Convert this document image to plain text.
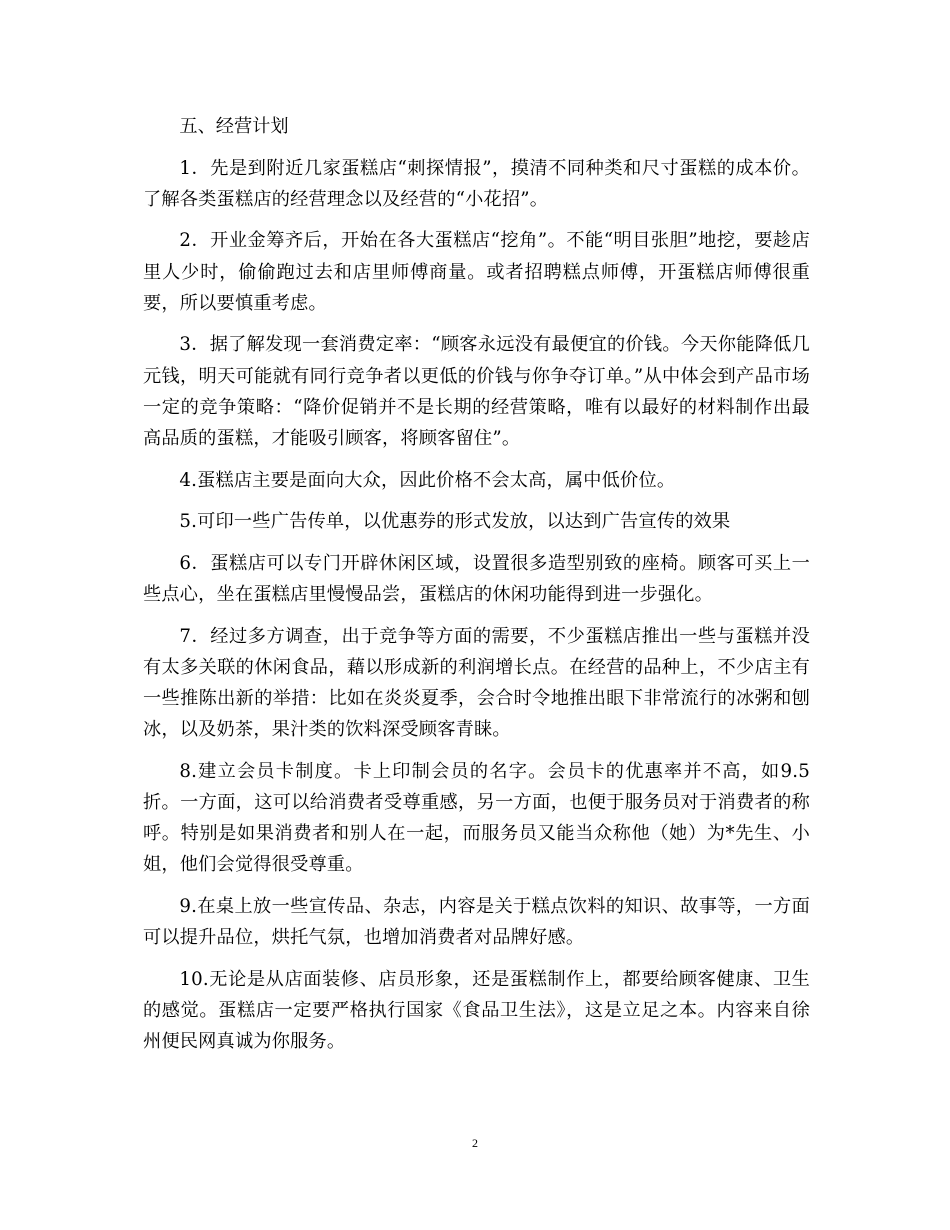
五、经营计划

1．先是到附近几家蛋糕店“刺探情报”，摸清不同种类和尺寸蛋糕的成本价。了解各类蛋糕店的经营理念以及经营的“小花招”。

2．开业金筹齐后，开始在各大蛋糕店“挖角”。不能“明目张胆”地挖，要趁店里人少时，偷偷跑过去和店里师傅商量。或者招聘糕点师傅，开蛋糕店师傅很重要，所以要慎重考虑。

3．据了解发现一套消费定率：“顾客永远没有最便宜的价钱。今天你能降低几元钱，明天可能就有同行竞争者以更低的价钱与你争夺订单。”从中体会到产品市场一定的竞争策略：“降价促销并不是长期的经营策略，唯有以最好的材料制作出最高品质的蛋糕，才能吸引顾客，将顾客留住”。

4.蛋糕店主要是面向大众，因此价格不会太高，属中低价位。

5.可印一些广告传单，以优惠券的形式发放，以达到广告宣传的效果

6．蛋糕店可以专门开辟休闲区域，设置很多造型别致的座椅。顾客可买上一些点心，坐在蛋糕店里慢慢品尝，蛋糕店的休闲功能得到进一步强化。

7．经过多方调查，出于竞争等方面的需要，不少蛋糕店推出一些与蛋糕并没有太多关联的休闲食品，藉以形成新的利润增长点。在经营的品种上，不少店主有一些推陈出新的举措：比如在炎炎夏季，会合时令地推出眼下非常流行的冰粥和刨冰，以及奶茶，果汁类的饮料深受顾客青睐。

8.建立会员卡制度。卡上印制会员的名字。会员卡的优惠率并不高，如9.5折。一方面，这可以给消费者受尊重感，另一方面，也便于服务员对于消费者的称呼。特别是如果消费者和别人在一起，而服务员又能当众称他（她）为*先生、小姐，他们会觉得很受尊重。

9.在桌上放一些宣传品、杂志，内容是关于糕点饮料的知识、故事等，一方面可以提升品位，烘托气氛，也增加消费者对品牌好感。

10.无论是从店面装修、店员形象，还是蛋糕制作上，都要给顾客健康、卫生的感觉。蛋糕店一定要严格执行国家《食品卫生法》，这是立足之本。内容来自徐州便民网真诚为你服务。

2
